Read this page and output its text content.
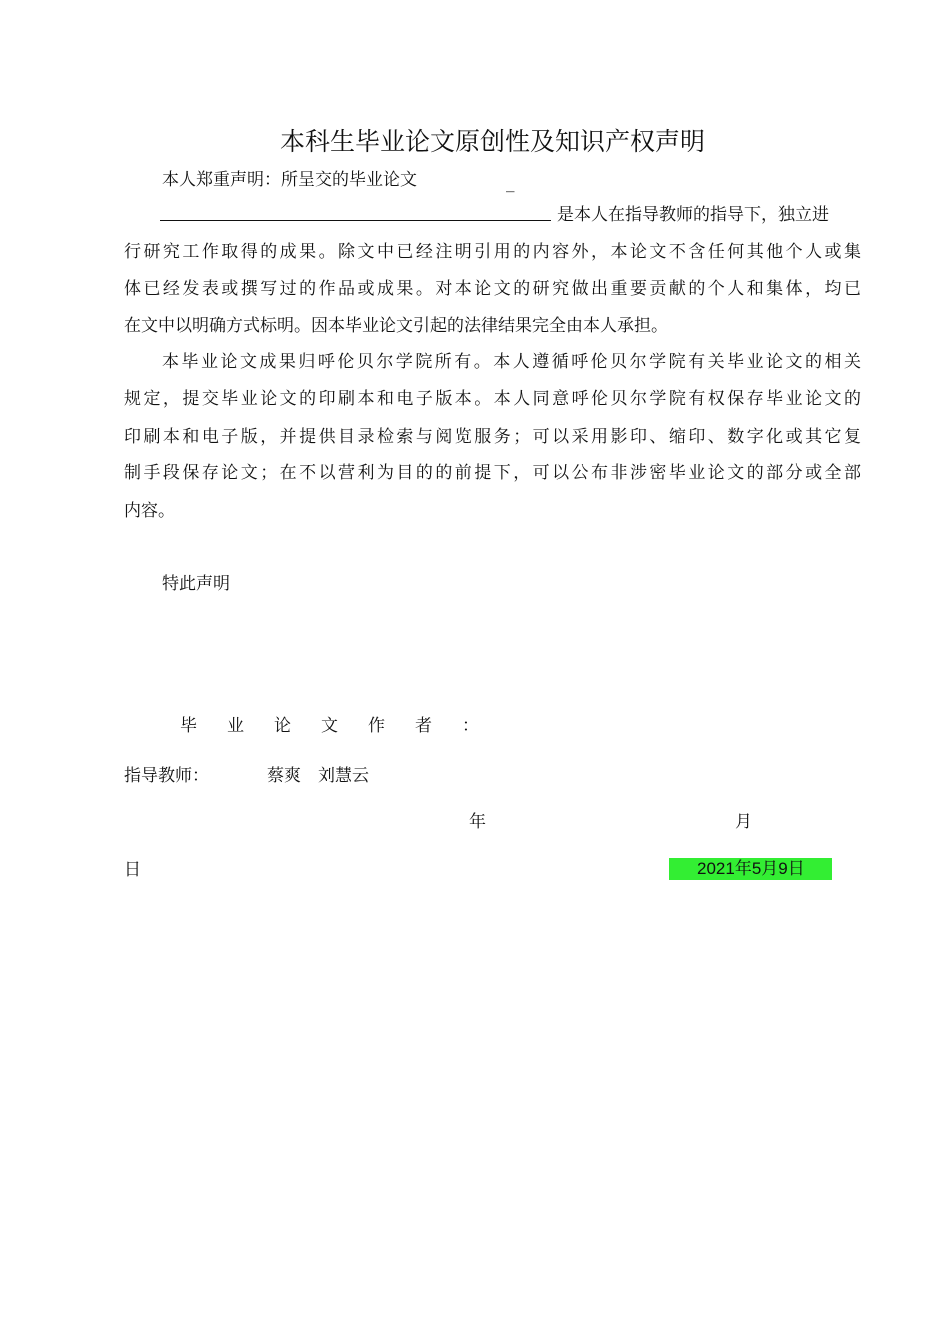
本科生毕业论文原创性及知识产权声明
本人郑重声明：所呈交的毕业论文	_
是本人在指导教师的指导下，独立进
行研究工作取得的成果。除文中已经注明引用的内容外，本论文不含任何其他个人或集
体已经发表或撰写过的作品或成果。对本论文的研究做出重要贡献的个人和集体，均已
在文中以明确方式标明。因本毕业论文引起的法律结果完全由本人承担。
本毕业论文成果归呼伦贝尔学院所有。本人遵循呼伦贝尔学院有关毕业论文的相关
规定，提交毕业论文的印刷本和电子版本。本人同意呼伦贝尔学院有权保存毕业论文的
印刷本和电子版，并提供目录检索与阅览服务；可以采用影印、缩印、数字化或其它复
制手段保存论文；在不以营利为目的的前提下，可以公布非涉密毕业论文的部分或全部
内容。
特此声明
毕 业 论 文 作 者 ：
指导教师：	蔡爽　刘慧云
年	月
日	2021年5月9日
